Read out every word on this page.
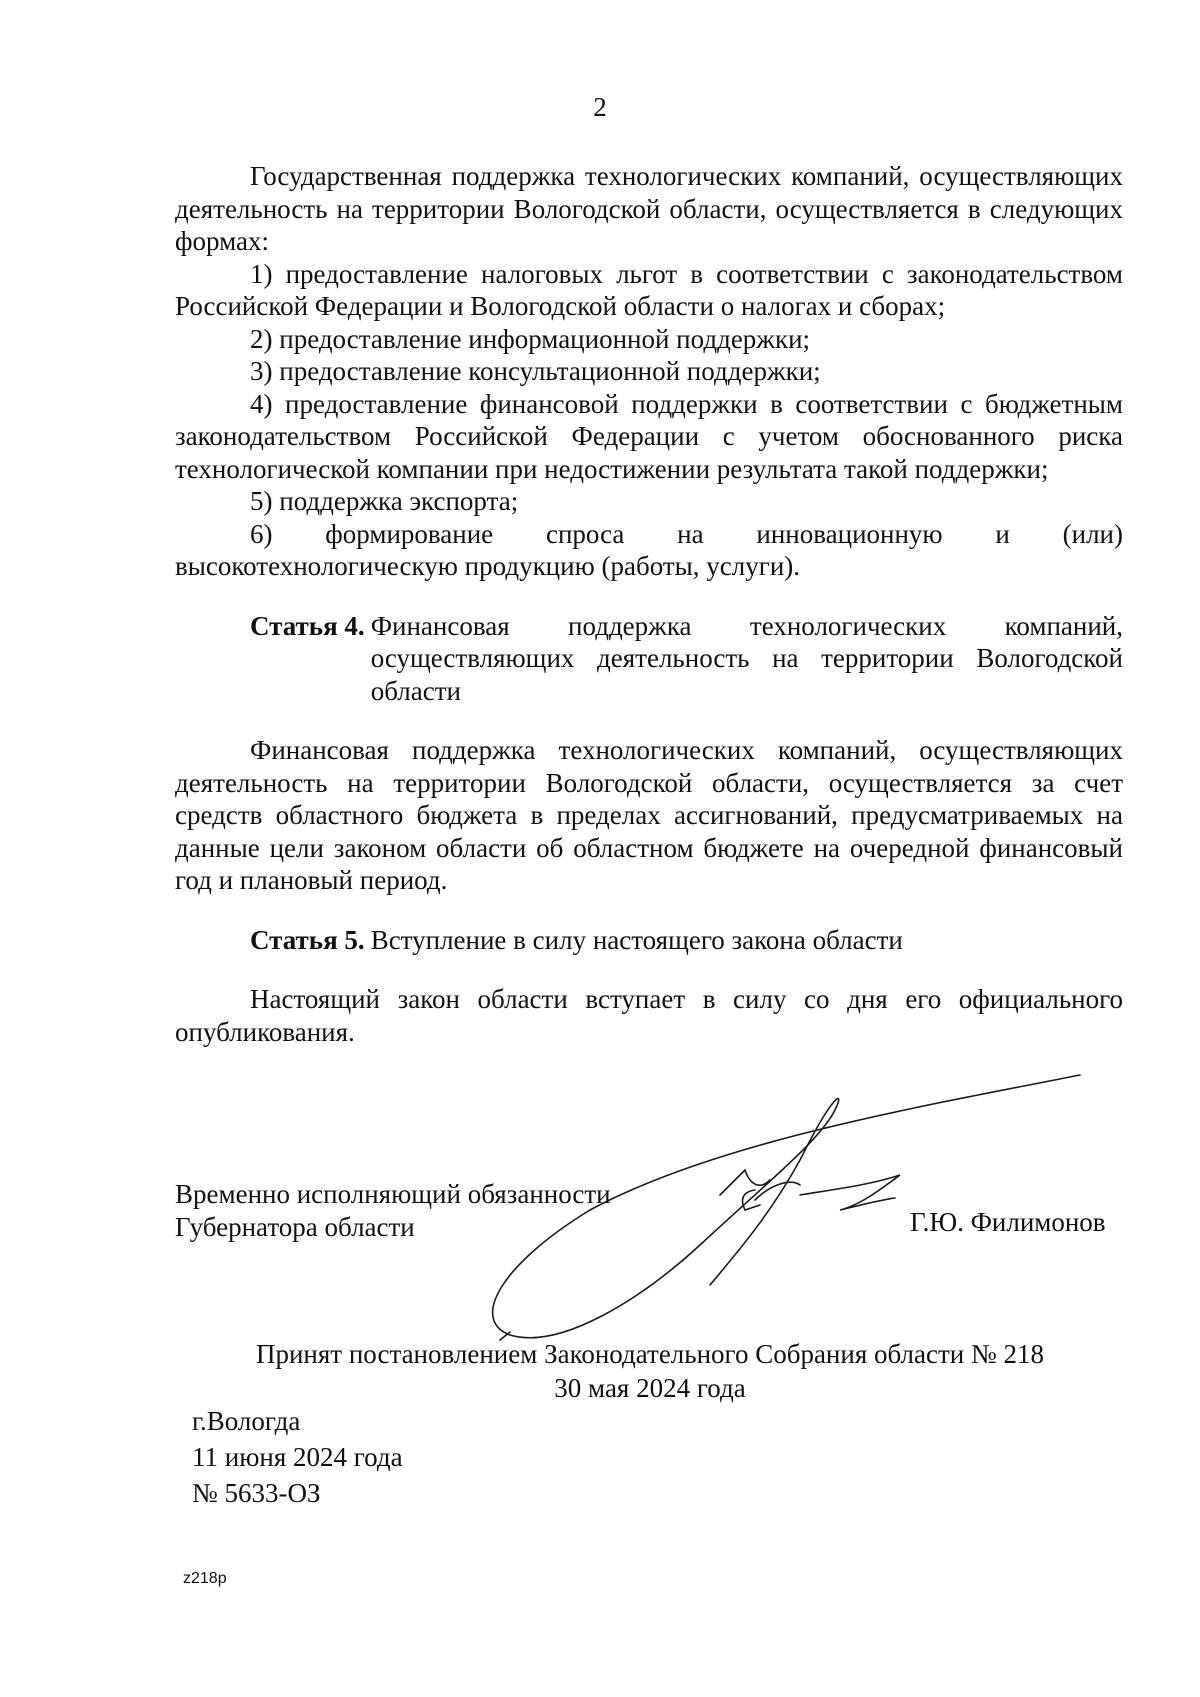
2

Государственная поддержка технологических компаний, осуществляющих деятельность на территории Вологодской области, осуществляется в следующих формах:

1) предоставление налоговых льгот в соответствии с законодательством Российской Федерации и Вологодской области о налогах и сборах;

2) предоставление информационной поддержки;

3) предоставление консультационной поддержки;

4) предоставление финансовой поддержки в соответствии с бюджетным законодательством Российской Федерации с учетом обоснованного риска технологической компании при недостижении результата такой поддержки;

5) поддержка экспорта;

6) формирование спроса на инновационную и (или) высокотехнологическую продукцию (работы, услуги).

Статья 4. Финансовая поддержка технологических компаний, осуществляющих деятельность на территории Вологодской области

Финансовая поддержка технологических компаний, осуществляющих деятельность на территории Вологодской области, осуществляется за счет средств областного бюджета в пределах ассигнований, предусматриваемых на данные цели законом области об областном бюджете на очередной финансовый год и плановый период.

Статья 5. Вступление в силу настоящего закона области

Настоящий закон области вступает в силу со дня его официального опубликования.

Временно исполняющий обязанности
Губернатора области	Г.Ю. Филимонов
Принят постановлением Законодательного Собрания области № 218
30 мая 2024 года
г.Вологда
11 июня 2024 года
№ 5633-ОЗ
z218p
